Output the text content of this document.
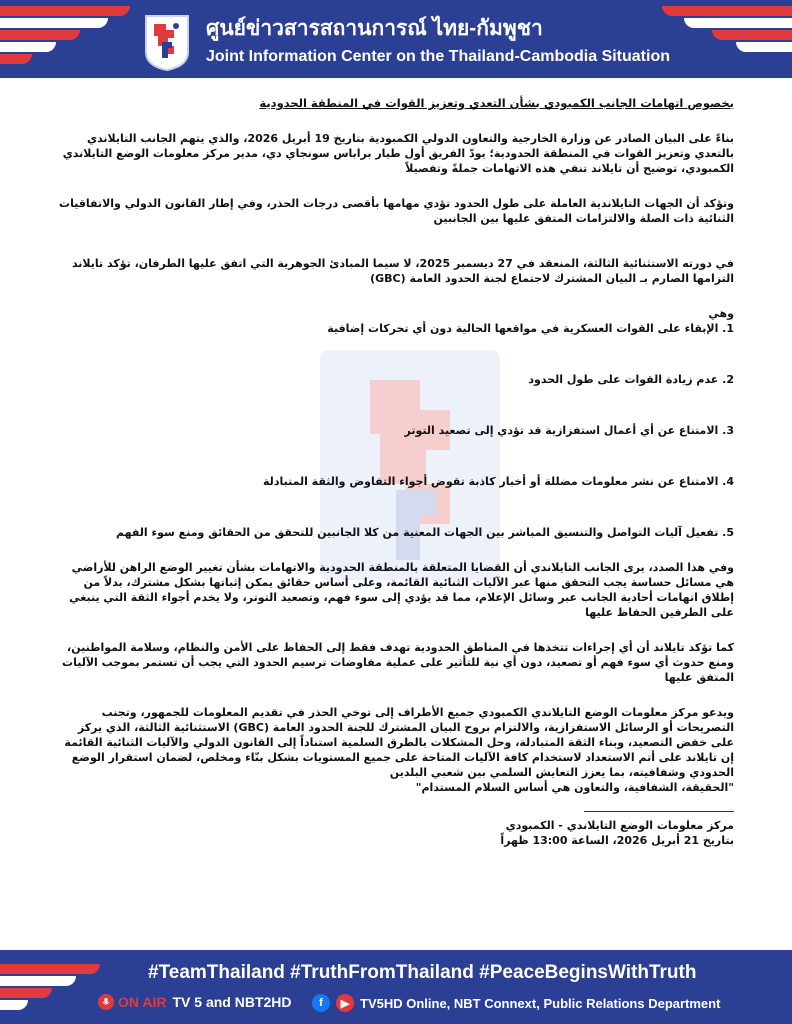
ศูนย์ข่าวสารสถานการณ์ ไทย-กัมพูชา
Joint Information Center on the Thailand-Cambodia Situation

بخصوص اتهامات الجانب الكمبودي بشأن التعدي وتعزيز القوات في المنطقة الحدودية

بناءً على البيان الصادر عن وزارة الخارجية والتعاون الدولي الكمبودية بتاريخ 19 أبريل 2026، والذي يتهم الجانب التايلاندي بالتعدي وتعزيز القوات في المنطقة الحدودية؛ يودّ الفريق أول طيار براباس سونجاي دي، مدير مركز معلومات الوضع التايلاندي الكمبودي، توضيح أن تايلاند تنفي هذه الاتهامات جملةً وتفصيلاً

وتؤكد أن الجهات التايلاندية العاملة على طول الحدود تؤدي مهامها بأقصى درجات الحذر، وفي إطار القانون الدولي والاتفاقيات الثنائية ذات الصلة والالتزامات المتفق عليها بين الجانبين

في دورته الاستثنائية الثالثة، المنعقد في 27 ديسمبر 2025، لا سيما المبادئ الجوهرية التي اتفق عليها الطرفان، تؤكد تايلاند التزامها الصارم بـ البيان المشترك لاجتماع لجنة الحدود العامة (GBC)

وهي

1. الإبقاء على القوات العسكرية في مواقعها الحالية دون أي تحركات إضافية

2. عدم زيادة القوات على طول الحدود

3. الامتناع عن أي أعمال استفزازية قد تؤدي إلى تصعيد التوتر

4. الامتناع عن نشر معلومات مضللة أو أخبار كاذبة تقوض أجواء التفاوض والثقة المتبادلة

5. تفعيل آليات التواصل والتنسيق المباشر بين الجهات المعنية من كلا الجانبين للتحقق من الحقائق ومنع سوء الفهم

وفي هذا الصدد، يرى الجانب التايلاندي أن القضايا المتعلقة بالمنطقة الحدودية والاتهامات بشأن تغيير الوضع الراهن للأراضي هي مسائل حساسة يجب التحقق منها عبر الآليات الثنائية القائمة، وعلى أساس حقائق يمكن إثباتها بشكل مشترك، بدلاً من إطلاق اتهامات أحادية الجانب عبر وسائل الإعلام، مما قد يؤدي إلى سوء فهم، وتصعيد التوتر، ولا يخدم أجواء الثقة التي ينبغي على الطرفين الحفاظ عليها

كما تؤكد تايلاند أن أي إجراءات تتخذها في المناطق الحدودية تهدف فقط إلى الحفاظ على الأمن والنظام، وسلامة المواطنين، ومنع حدوث أي سوء فهم أو تصعيد، دون أي نية للتأثير على عملية مفاوضات ترسيم الحدود التي يجب أن تستمر بموجب الآليات المتفق عليها

ويدعو مركز معلومات الوضع التايلاندي الكمبودي جميع الأطراف إلى توخي الحذر في تقديم المعلومات للجمهور، وتجنب التصريحات أو الرسائل الاستفزازية، والالتزام بروح البيان المشترك للجنة الحدود العامة (GBC) الاستثنائية الثالثة، الذي يركز على خفض التصعيد، وبناء الثقة المتبادلة، وحل المشكلات بالطرق السلمية استناداً إلى القانون الدولي والآليات الثنائية القائمة

إن تايلاند على أتم الاستعداد لاستخدام كافة الآليات المتاحة على جميع المستويات بشكل بنّاء ومخلص، لضمان استقرار الوضع الحدودي وشفافيته، بما يعزز التعايش السلمي بين شعبي البلدين

"الحقيقة، الشفافية، والتعاون هي أساس السلام المستدام"

مركز معلومات الوضع التايلاندي - الكمبودي

بتاريخ 21 أبريل 2026، الساعة 13:00 ظهراً

#TeamThailand #TruthFromThailand #PeaceBeginsWithTruth
ON AIR TV 5 and NBT2HD	f	▶ TV5HD Online, NBT Connext, Public Relations Department
